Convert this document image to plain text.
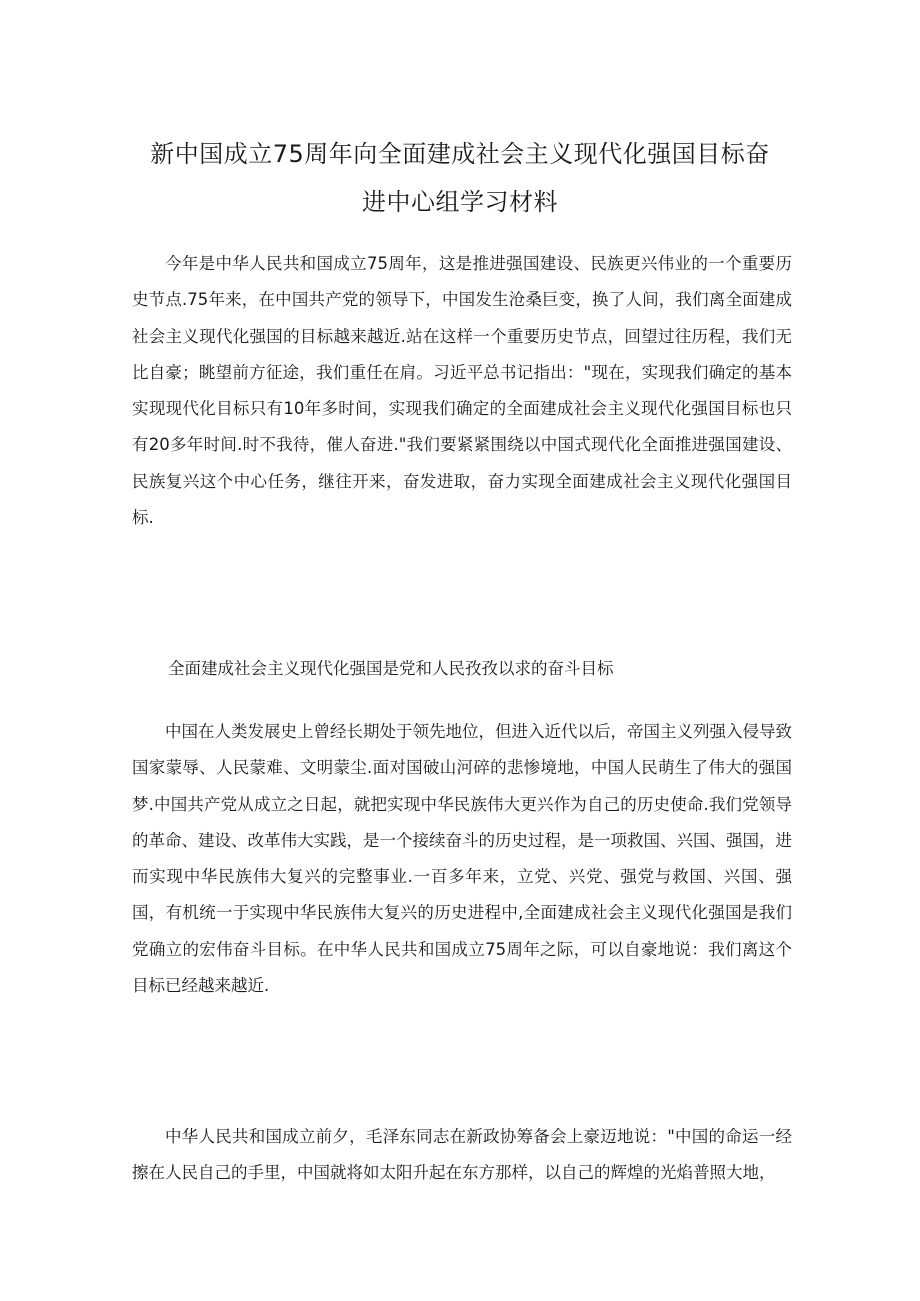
新中国成立75周年向全面建成社会主义现代化强国目标奋
进中心组学习材料

今年是中华人民共和国成立75周年，这是推进强国建设、民族更兴伟业的一个重要历史节点.75年来，在中国共产党的领导下，中国发生沧桑巨变，换了人间，我们离全面建成社会主义现代化强国的目标越来越近.站在这样一个重要历史节点，回望过往历程，我们无比自豪；眺望前方征途，我们重任在肩。习近平总书记指出："现在，实现我们确定的基本实现现代化目标只有10年多时间，实现我们确定的全面建成社会主义现代化强国目标也只有20多年时间.时不我待，催人奋进."我们要紧紧围绕以中国式现代化全面推进强国建设、民族复兴这个中心任务，继往开来，奋发进取，奋力实现全面建成社会主义现代化强国目标.

全面建成社会主义现代化强国是党和人民孜孜以求的奋斗目标

中国在人类发展史上曾经长期处于领先地位，但进入近代以后，帝国主义列强入侵导致国家蒙辱、人民蒙难、文明蒙尘.面对国破山河碎的悲惨境地，中国人民萌生了伟大的强国梦.中国共产党从成立之日起，就把实现中华民族伟大更兴作为自己的历史使命.我们党领导的革命、建设、改革伟大实践，是一个接续奋斗的历史过程，是一项救国、兴国、强国，进而实现中华民族伟大复兴的完整事业.一百多年来，立党、兴党、强党与救国、兴国、强国，有机统一于实现中华民族伟大复兴的历史进程中,全面建成社会主义现代化强国是我们党确立的宏伟奋斗目标。在中华人民共和国成立75周年之际，可以自豪地说：我们离这个目标已经越来越近.

中华人民共和国成立前夕，毛泽东同志在新政协筹备会上豪迈地说："中国的命运一经擦在人民自己的手里，中国就将如太阳升起在东方那样，以自己的辉煌的光焰普照大地，
